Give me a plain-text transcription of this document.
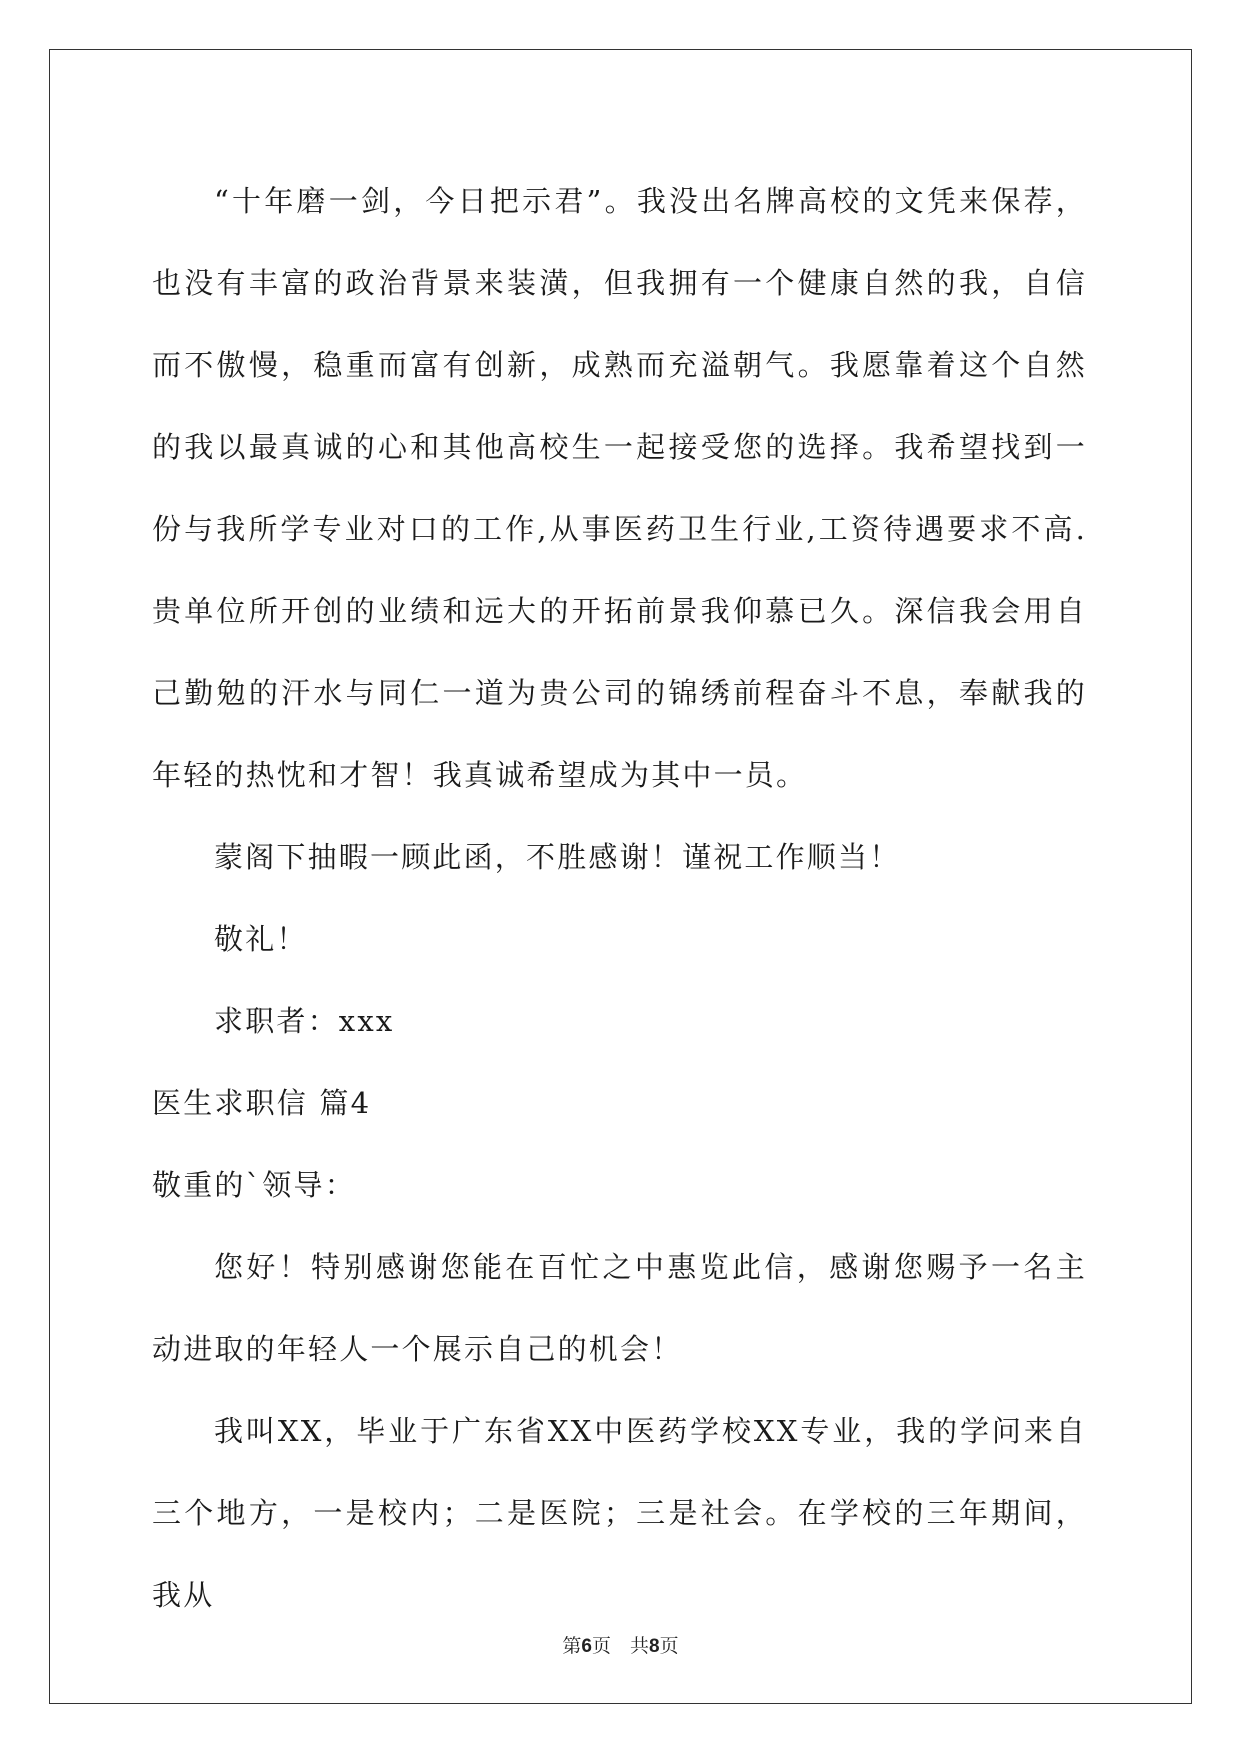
“十年磨一剑，今日把示君”。我没出名牌高校的文凭来保荐，也没有丰富的政治背景来装潢，但我拥有一个健康自然的我，自信而不傲慢，稳重而富有创新，成熟而充溢朝气。我愿靠着这个自然的我以最真诚的心和其他高校生一起接受您的选择。我希望找到一份与我所学专业对口的工作,从事医药卫生行业,工资待遇要求不高.贵单位所开创的业绩和远大的开拓前景我仰慕已久。深信我会用自己勤勉的汗水与同仁一道为贵公司的锦绣前程奋斗不息，奉献我的年轻的热忱和才智！我真诚希望成为其中一员。

蒙阁下抽暇一顾此函，不胜感谢！谨祝工作顺当！

敬礼！

求职者：xxx

医生求职信 篇4

敬重的`领导：

您好！特别感谢您能在百忙之中惠览此信，感谢您赐予一名主动进取的年轻人一个展示自己的机会！

我叫XX，毕业于广东省XX中医药学校XX专业，我的学问来自三个地方，一是校内；二是医院；三是社会。在学校的三年期间，我从

第6页　共8页
